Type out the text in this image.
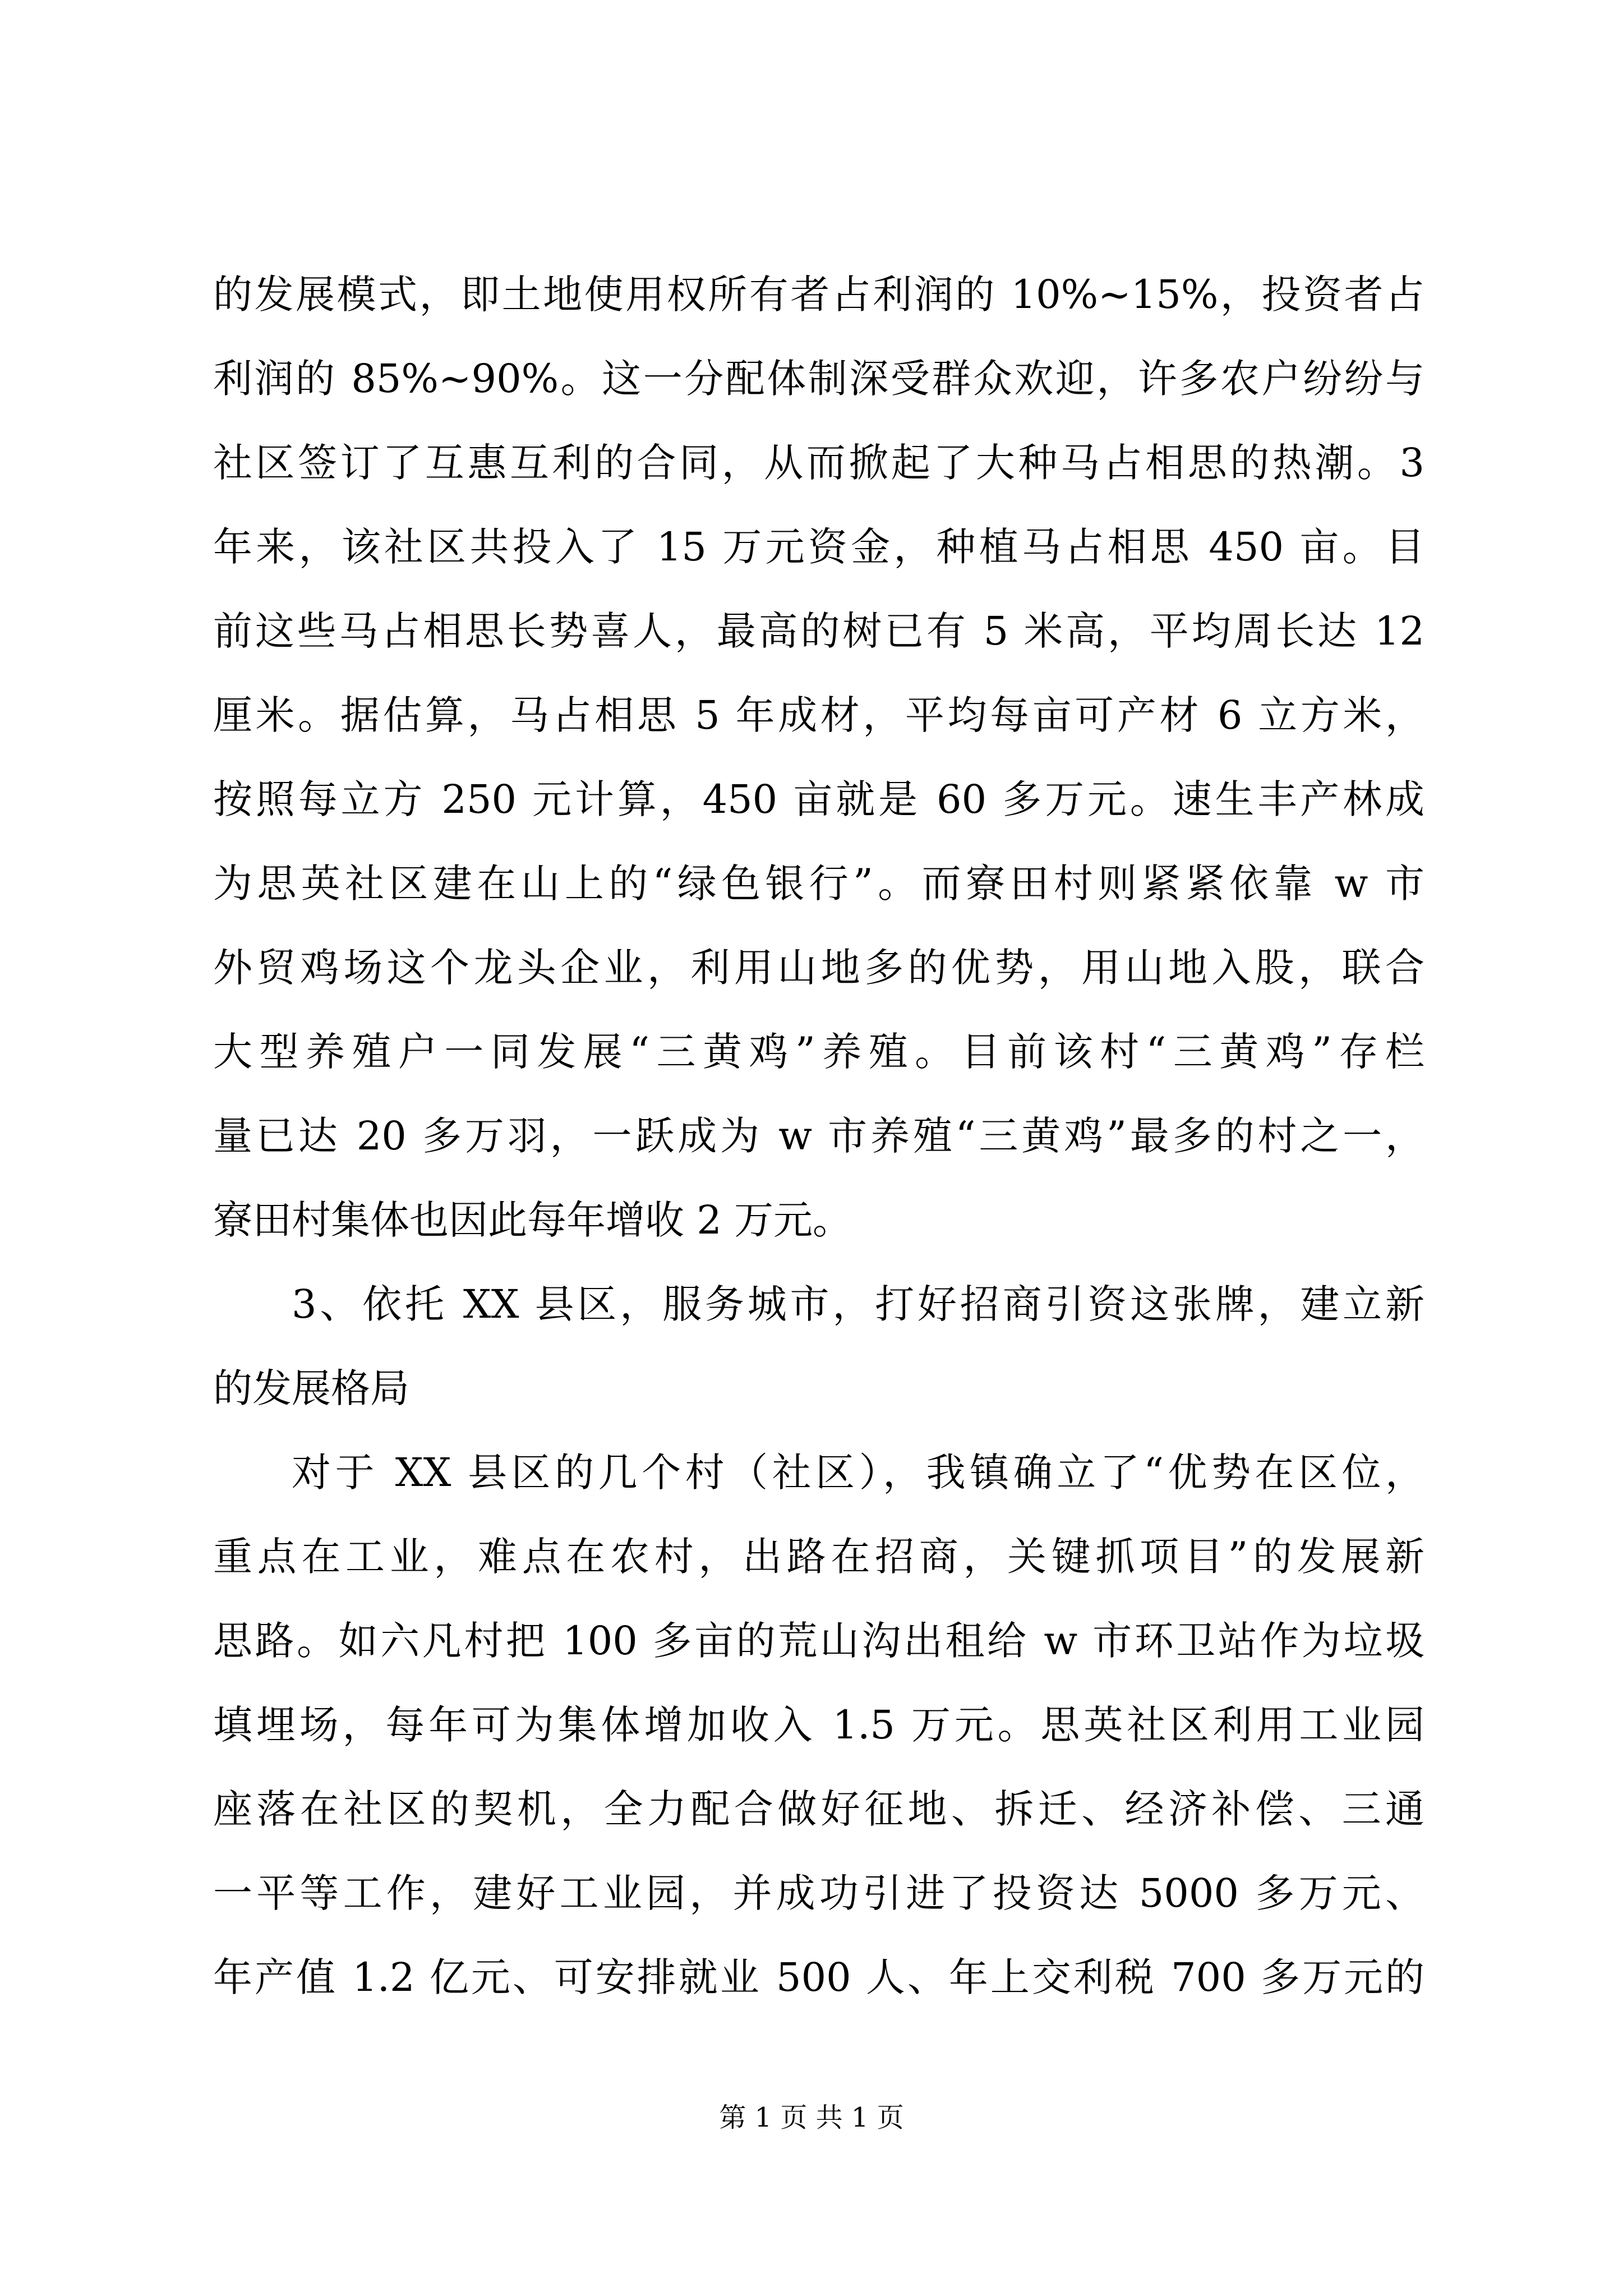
的发展模式，即土地使用权所有者占利润的 10%~15%，投资者占
利润的 85%~90%。这一分配体制深受群众欢迎，许多农户纷纷与
社区签订了互惠互利的合同，从而掀起了大种马占相思的热潮。3
年来，该社区共投入了 15 万元资金，种植马占相思 450 亩。目
前这些马占相思长势喜人，最高的树已有 5 米高，平均周长达 12
厘米。据估算，马占相思 5 年成材，平均每亩可产材 6 立方米，
按照每立方 250 元计算，450 亩就是 60 多万元。速生丰产林成
为思英社区建在山上的“绿色银行”。而寮田村则紧紧依靠 w 市
外贸鸡场这个龙头企业，利用山地多的优势，用山地入股，联合
大型养殖户一同发展“三黄鸡”养殖。目前该村“三黄鸡”存栏
量已达 20 多万羽，一跃成为 w 市养殖“三黄鸡”最多的村之一，
寮田村集体也因此每年增收 2 万元。
3、依托 XX 县区，服务城市，打好招商引资这张牌，建立新
的发展格局
对于 XX 县区的几个村（社区），我镇确立了“优势在区位，
重点在工业，难点在农村，出路在招商，关键抓项目”的发展新
思路。如六凡村把 100 多亩的荒山沟出租给 w 市环卫站作为垃圾
填埋场，每年可为集体增加收入 1.5 万元。思英社区利用工业园
座落在社区的契机，全力配合做好征地、拆迁、经济补偿、三通
一平等工作，建好工业园，并成功引进了投资达 5000 多万元、
年产值 1.2 亿元、可安排就业 500 人、年上交利税 700 多万元的
第 1 页 共 1 页
